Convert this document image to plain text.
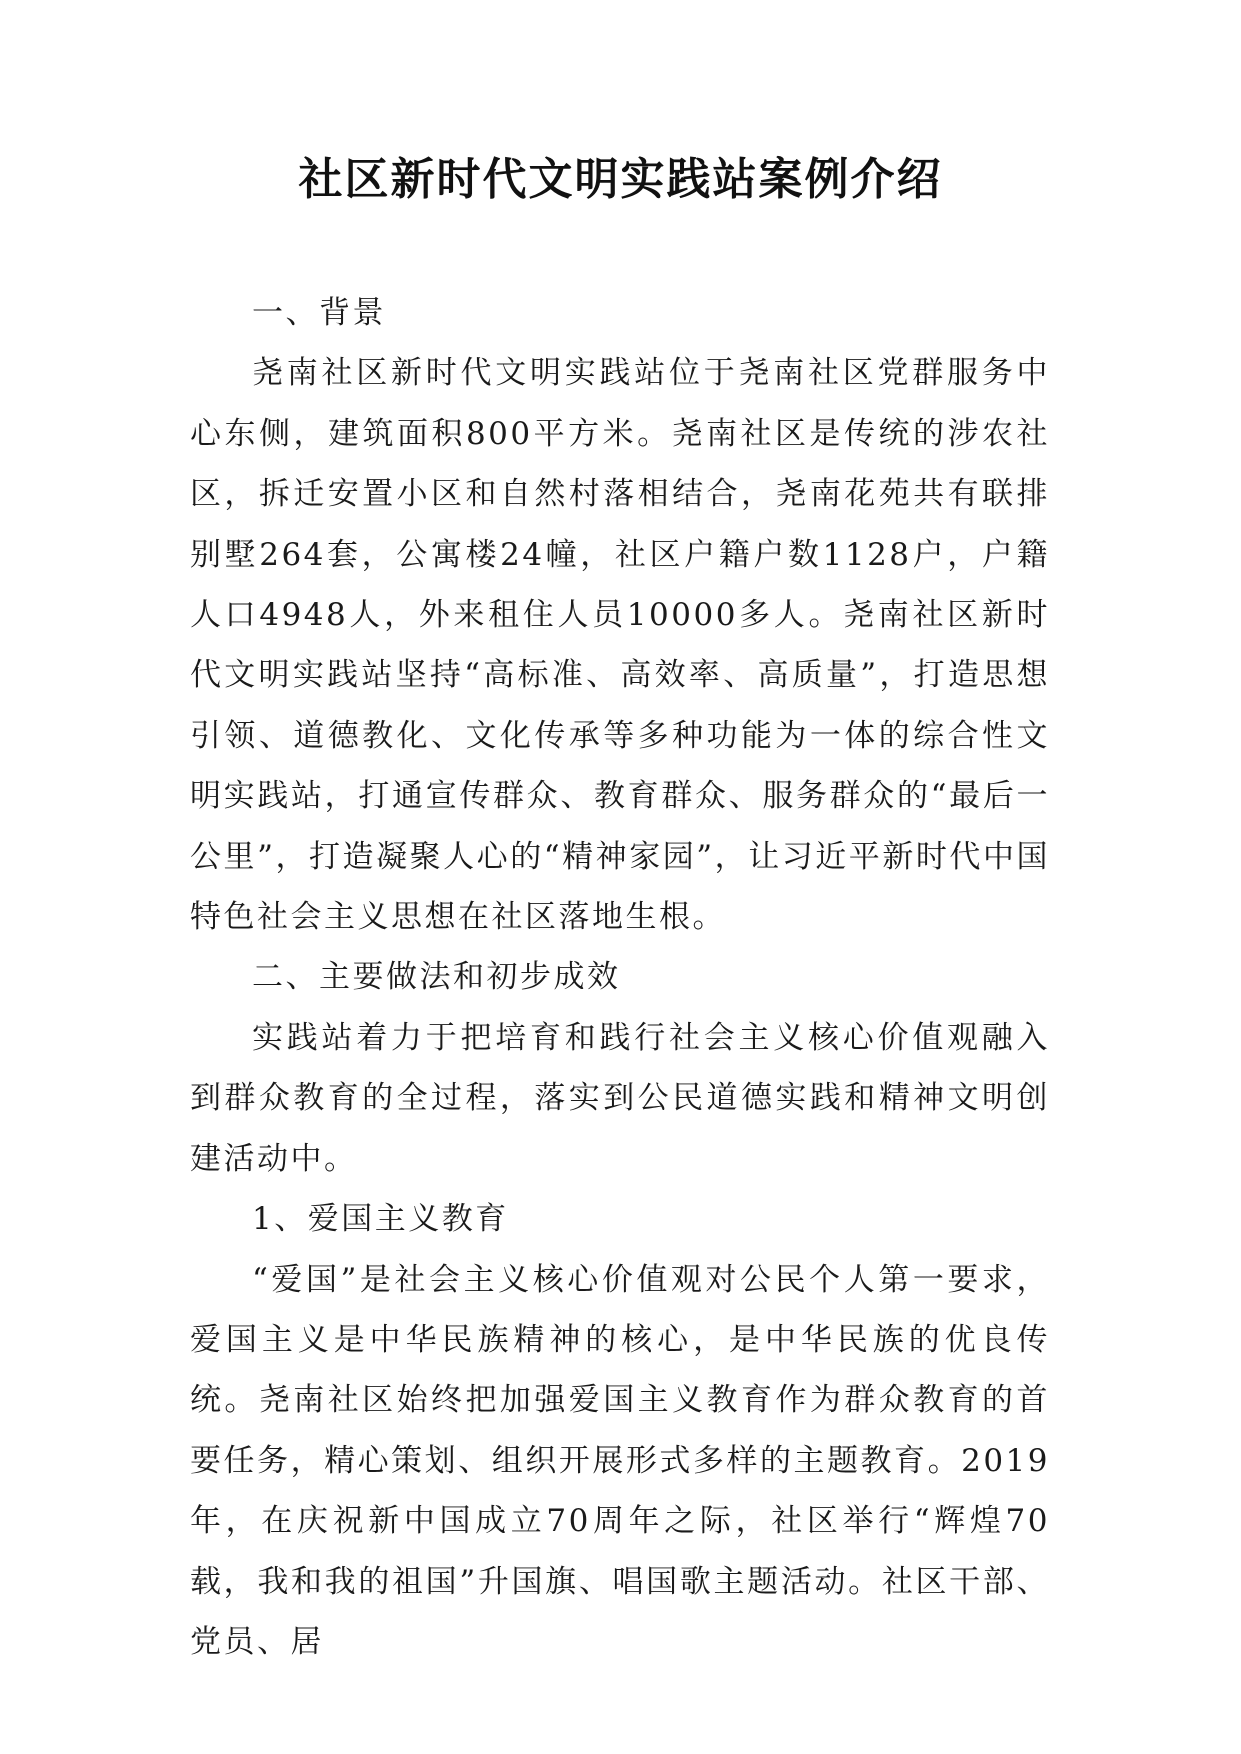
社区新时代文明实践站案例介绍

一、背景

尧南社区新时代文明实践站位于尧南社区党群服务中心东侧，建筑面积800平方米。尧南社区是传统的涉农社区，拆迁安置小区和自然村落相结合，尧南花苑共有联排别墅264套，公寓楼24幢，社区户籍户数1128户，户籍人口4948人，外来租住人员10000多人。尧南社区新时代文明实践站坚持“高标准、高效率、高质量”，打造思想引领、道德教化、文化传承等多种功能为一体的综合性文明实践站，打通宣传群众、教育群众、服务群众的“最后一公里”，打造凝聚人心的“精神家园”，让习近平新时代中国特色社会主义思想在社区落地生根。

二、主要做法和初步成效

实践站着力于把培育和践行社会主义核心价值观融入到群众教育的全过程，落实到公民道德实践和精神文明创建活动中。

1、爱国主义教育

“爱国”是社会主义核心价值观对公民个人第一要求，爱国主义是中华民族精神的核心，是中华民族的优良传统。尧南社区始终把加强爱国主义教育作为群众教育的首要任务，精心策划、组织开展形式多样的主题教育。2019年，在庆祝新中国成立70周年之际，社区举行“辉煌70载，我和我的祖国”升国旗、唱国歌主题活动。社区干部、党员、居
